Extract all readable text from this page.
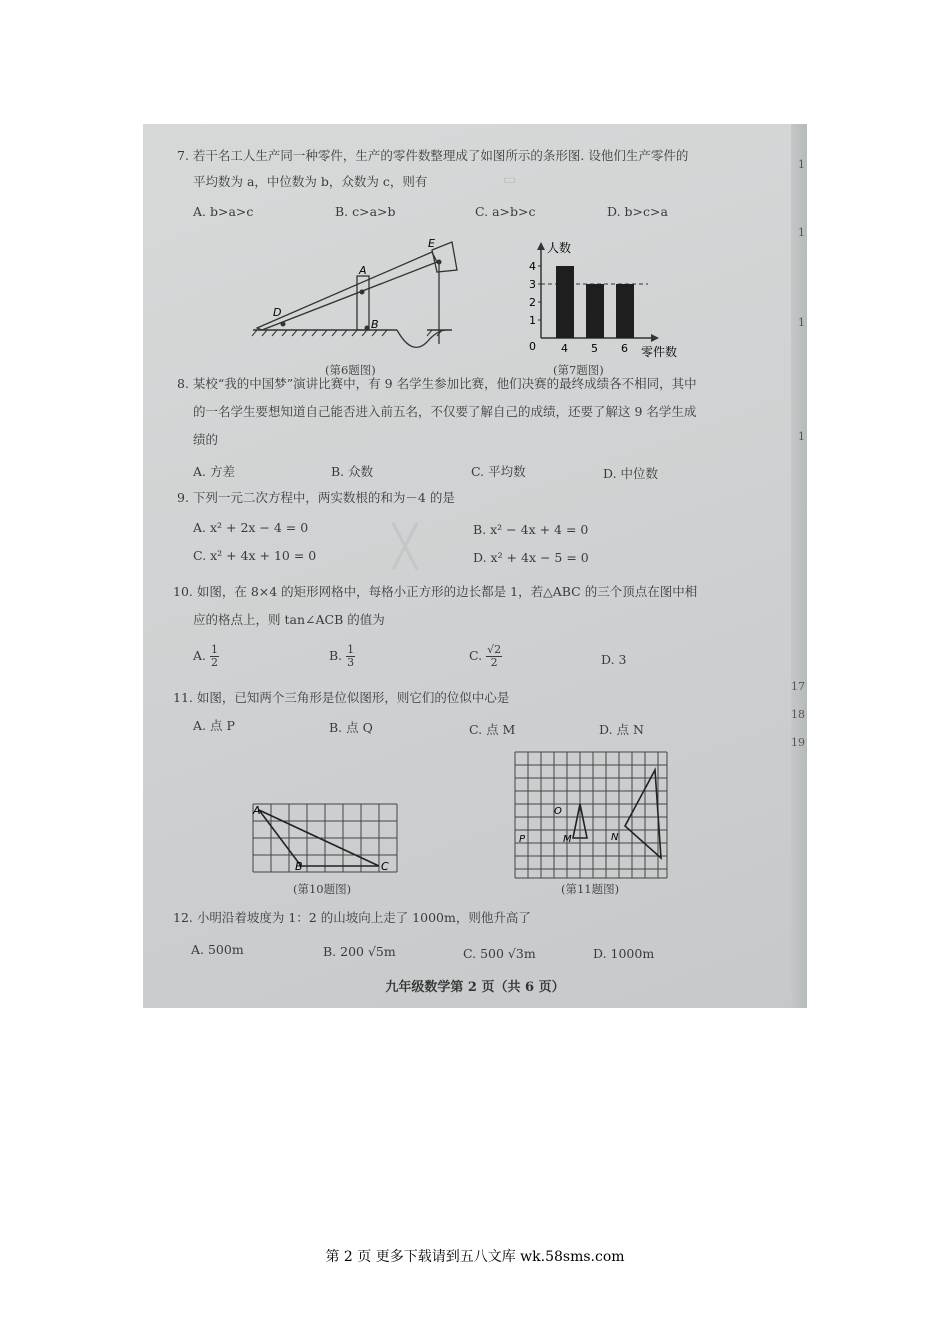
▭
╳
7. 若干名工人生产同一种零件，生产的零件数整理成了如图所示的条形图. 设他们生产零件的
平均数为 a，中位数为 b，众数为 c，则有
A. b>a>c	B. c>a>b	C. a>b>c	D. b>c>a
A
B
D
E
(第6题图)
人数
零件数
0
1
2
3
4
4 5 6
(第7题图)
8. 某校“我的中国梦”演讲比赛中，有 9 名学生参加比赛，他们决赛的最终成绩各不相同，其中
的一名学生要想知道自己能否进入前五名，不仅要了解自己的成绩，还要了解这 9 名学生成
绩的
A. 方差	B. 众数	C. 平均数	D. 中位数
9. 下列一元二次方程中，两实数根的和为－4 的是
A. x² + 2x − 4 = 0	B. x² − 4x + 4 = 0
C. x² + 4x + 10 = 0	D. x² + 4x − 5 = 0
10. 如图，在 8×4 的矩形网格中，每格小正方形的边长都是 1，若△ABC 的三个顶点在图中相
应的格点上，则 tan∠ACB 的值为
A. $\frac{1}{2}$	B. $\frac{1}{3}$	C. $\frac{√2}{2}$	D. 3
11. 如图，已知两个三角形是位似图形，则它们的位似中心是
A. 点 P	B. 点 Q	C. 点 M	D. 点 N
A
B	C
(第10题图)
O
P	M	N
(第11题图)
12. 小明沿着坡度为 1：2 的山坡向上走了 1000m，则他升高了
A. 500m	B. 200 √5m	C. 500 √3m	D. 1000m
九年级数学第 2 页（共 6 页）
1
1
1
1
17
18
19
第 2 页 更多下载请到五八文库 wk.58sms.com
